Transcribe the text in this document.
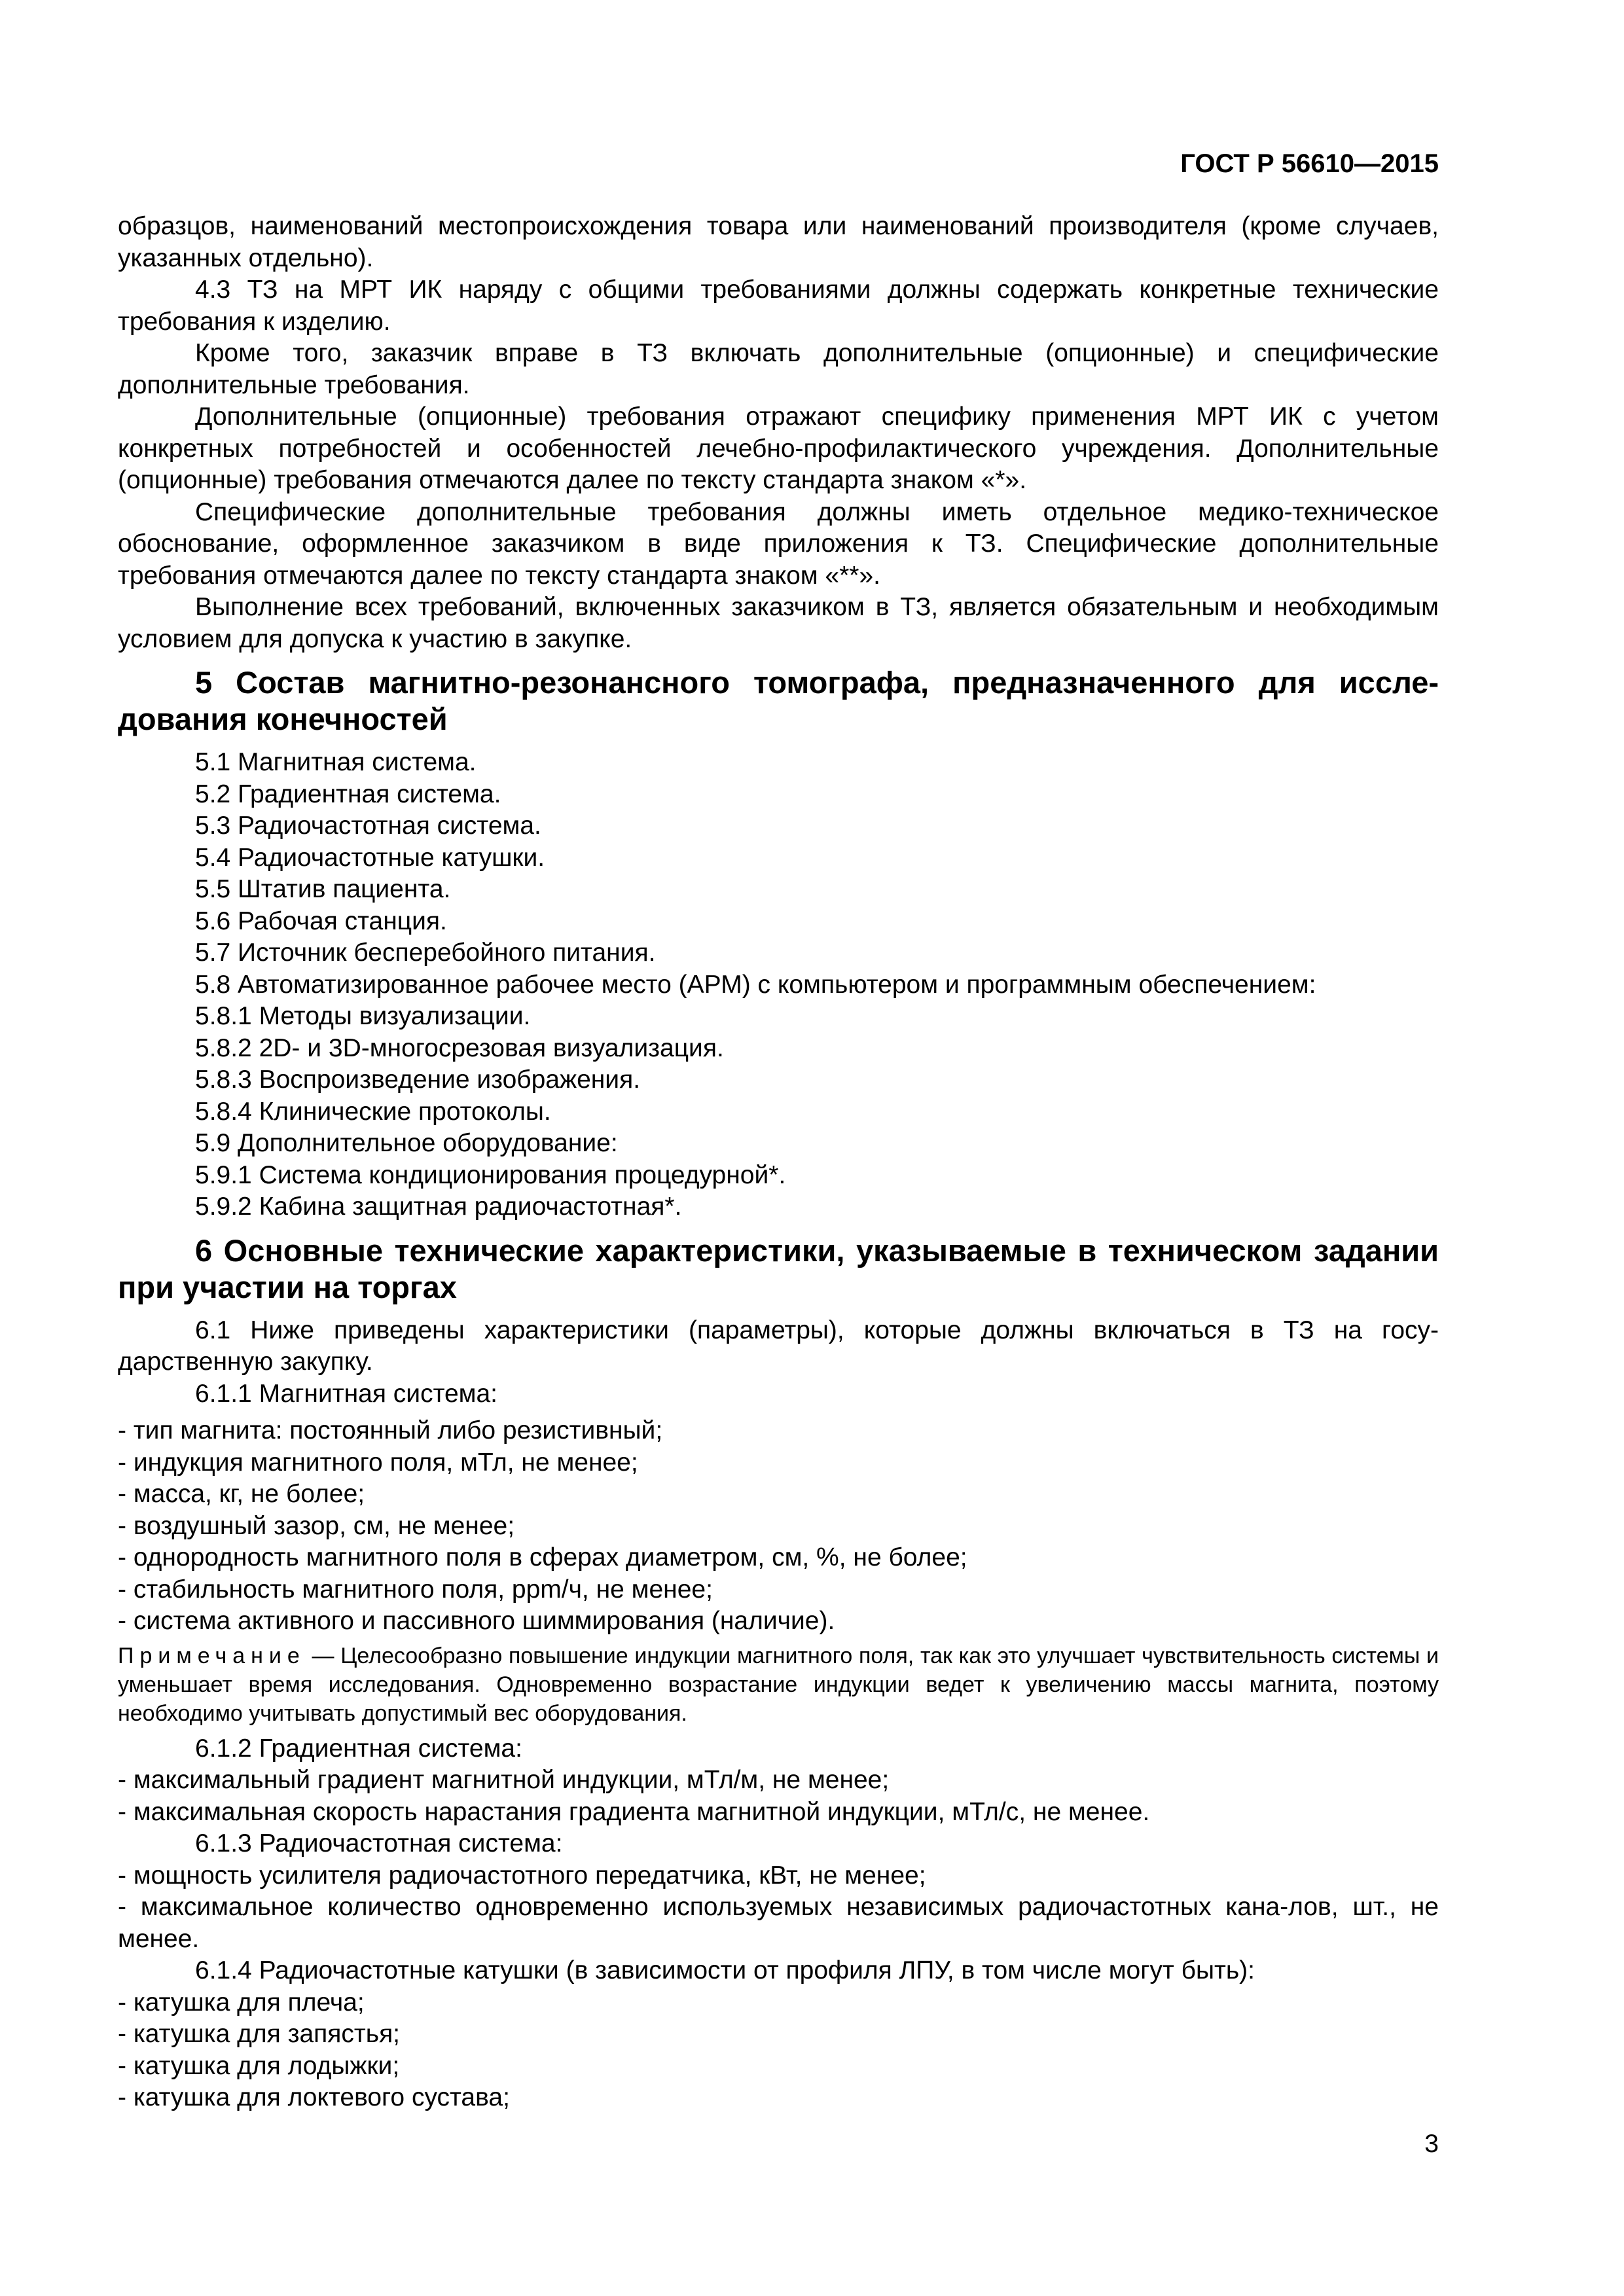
ГОСТ Р 56610—2015

образцов, наименований местопроисхождения товара или наименований производителя (кроме случаев, указанных отдельно).

4.3 ТЗ на МРТ ИК наряду с общими требованиями должны содержать конкретные технические требования к изделию.

Кроме того, заказчик вправе в ТЗ включать дополнительные (опционные) и специфические дополнительные требования.

Дополнительные (опционные) требования отражают специфику применения МРТ ИК с учетом конкретных потребностей и особенностей лечебно-профилактического учреждения. Дополнительные (опционные) требования отмечаются далее по тексту стандарта знаком «*».

Специфические дополнительные требования должны иметь отдельное медико-техническое обоснование, оформленное заказчиком в виде приложения к ТЗ. Специфические дополнительные требования отмечаются далее по тексту стандарта знаком «**».

Выполнение всех требований, включенных заказчиком в ТЗ, является обязательным и необходимым условием для допуска к участию в закупке.

5 Состав магнитно-резонансного томографа, предназначенного для иссле-дования конечностей
5.1 Магнитная система.
5.2 Градиентная система.
5.3 Радиочастотная система.
5.4 Радиочастотные катушки.
5.5 Штатив пациента.
5.6 Рабочая станция.
5.7 Источник бесперебойного питания.
5.8 Автоматизированное рабочее место (АРМ) с компьютером и программным обеспечением:
5.8.1 Методы визуализации.
5.8.2 2D- и 3D-многосрезовая визуализация.
5.8.3 Воспроизведение изображения.
5.8.4 Клинические протоколы.
5.9 Дополнительное оборудование:
5.9.1 Система кондиционирования процедурной*.
5.9.2 Кабина защитная радиочастотная*.
6 Основные технические характеристики, указываемые в техническом задании при участии на торгах

6.1 Ниже приведены характеристики (параметры), которые должны включаться в ТЗ на госу-дарственную закупку.

6.1.1 Магнитная система:
- тип магнита: постоянный либо резистивный;
- индукция магнитного поля, мТл, не менее;
- масса, кг, не более;
- воздушный зазор, см, не менее;
- однородность магнитного поля в сферах диаметром, см, %, не более;
- стабильность магнитного поля, ppm/ч, не менее;
- система активного и пассивного шиммирования (наличие).
Примечание — Целесообразно повышение индукции магнитного поля, так как это улучшает чувствительность системы и уменьшает время исследования. Одновременно возрастание индукции ведет к увеличению массы магнита, поэтому необходимо учитывать допустимый вес оборудования.
6.1.2 Градиентная система:
- максимальный градиент магнитной индукции, мТл/м, не менее;
- максимальная скорость нарастания градиента магнитной индукции, мТл/с, не менее.
6.1.3 Радиочастотная система:
- мощность усилителя радиочастотного передатчика, кВт, не менее;

- максимальное количество одновременно используемых независимых радиочастотных кана-лов, шт., не менее.

6.1.4 Радиочастотные катушки (в зависимости от профиля ЛПУ, в том числе могут быть):
- катушка для плеча;
- катушка для запястья;
- катушка для лодыжки;
- катушка для локтевого сустава;
3
